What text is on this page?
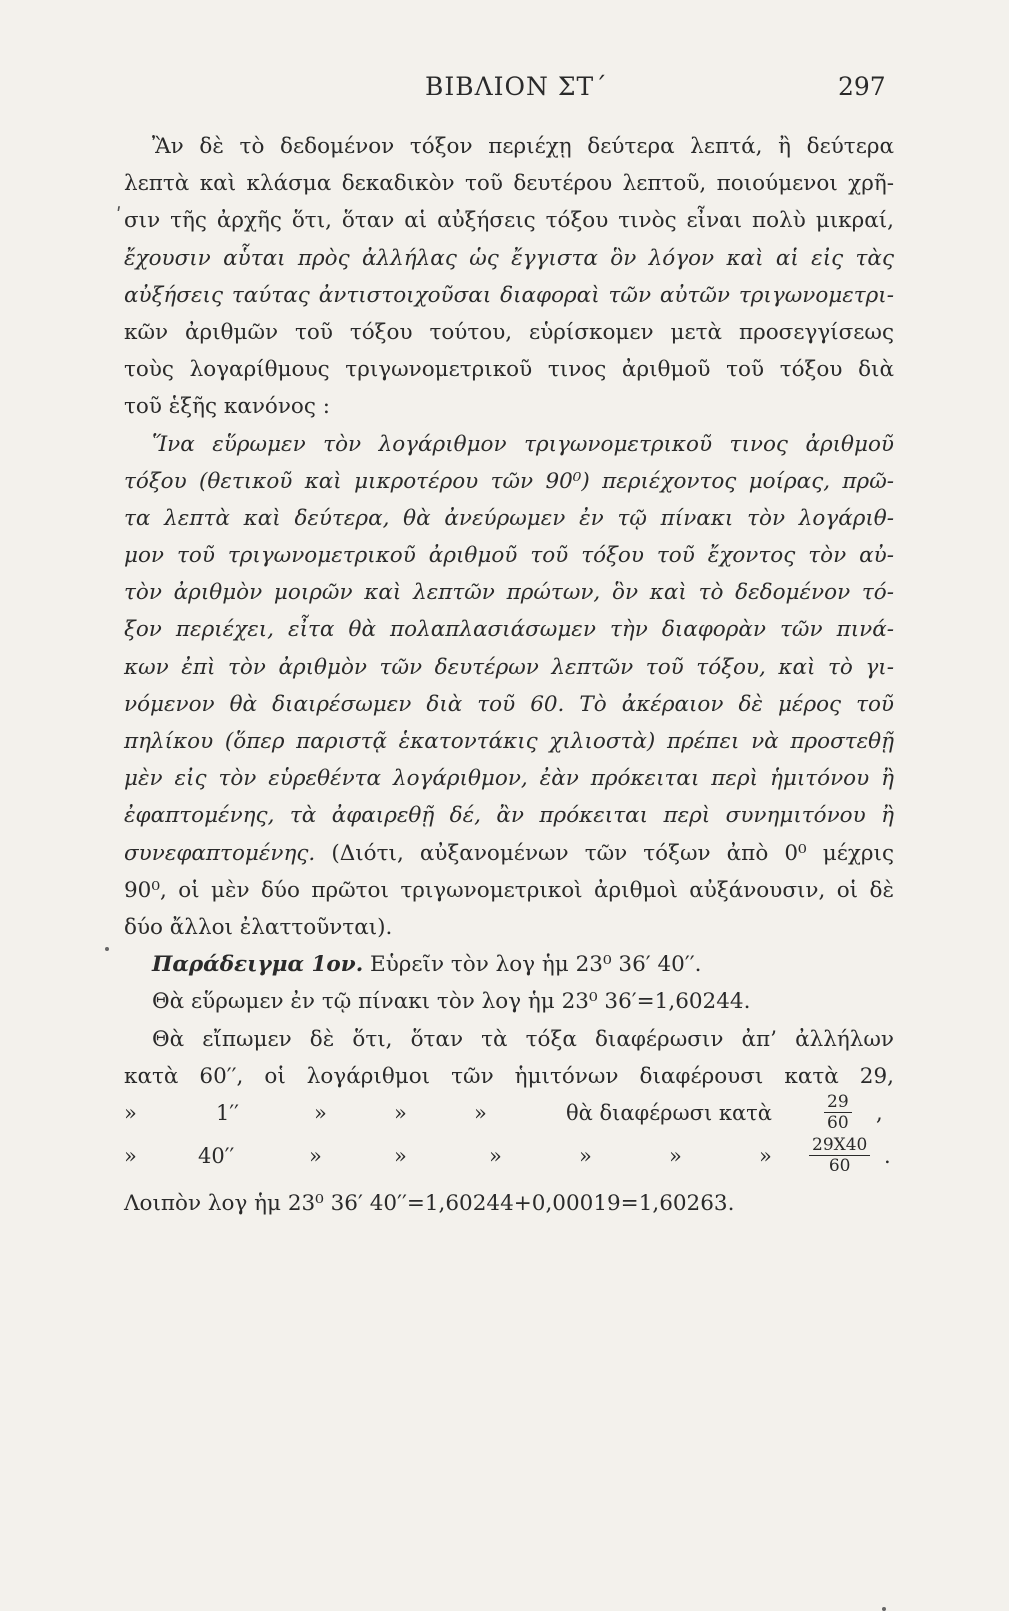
ΒΙΒΛΙΟΝ ΣΤ΄	297
Ἂν δὲ τὸ δεδομένον τόξον περιέχῃ δεύτερα λεπτά, ἢ δεύτερα
λεπτὰ καὶ κλάσμα δεκαδικὸν τοῦ δευτέρου λεπτοῦ, ποιούμενοι χρῆ-
σιν τῆς ἀρχῆς ὅτι, ὅταν αἱ αὐξήσεις τόξου τινὸς εἶναι πολὺ μικραί,
ἔχουσιν αὗται πρὸς ἀλλήλας ὡς ἔγγιστα ὃν λόγον καὶ αἱ εἰς τὰς
αὐξήσεις ταύτας ἀντιστοιχοῦσαι διαφοραὶ τῶν αὐτῶν τριγωνομετρι-
κῶν ἀριθμῶν τοῦ τόξου τούτου, εὑρίσκομεν μετὰ προσεγγίσεως
τοὺς λογαρίθμους τριγωνομετρικοῦ τινος ἀριθμοῦ τοῦ τόξου διὰ
τοῦ ἑξῆς κανόνος :
Ἵνα εὕρωμεν τὸν λογάριθμον τριγωνομετρικοῦ τινος ἀριθμοῦ
τόξου (θετικοῦ καὶ μικροτέρου τῶν 90⁰) περιέχοντος μοίρας, πρῶ-
τα λεπτὰ καὶ δεύτερα, θὰ ἀνεύρωμεν ἐν τῷ πίνακι τὸν λογάριθ-
μον τοῦ τριγωνομετρικοῦ ἀριθμοῦ τοῦ τόξου τοῦ ἔχοντος τὸν αὐ-
τὸν ἀριθμὸν μοιρῶν καὶ λεπτῶν πρώτων, ὃν καὶ τὸ δεδομένον τό-
ξον περιέχει, εἶτα θὰ πολαπλασιάσωμεν τὴν διαφορὰν τῶν πινά-
κων ἐπὶ τὸν ἀριθμὸν τῶν δευτέρων λεπτῶν τοῦ τόξου, καὶ τὸ γι-
νόμενον θὰ διαιρέσωμεν διὰ τοῦ 60. Τὸ ἀκέραιον δὲ μέρος τοῦ
πηλίκου (ὅπερ παριστᾷ ἑκατοντάκις χιλιοστὰ) πρέπει νὰ προστεθῇ
μὲν εἰς τὸν εὑρεθέντα λογάριθμον, ἐὰν πρόκειται περὶ ἡμιτόνου ἢ
ἐφαπτομένης, τὰ ἀφαιρεθῇ δέ, ἂν πρόκειται περὶ συνημιτόνου ἢ
συνεφαπτομένης. (Διότι, αὐξανομένων τῶν τόξων ἀπὸ 0⁰ μέχρις
90⁰, οἱ μὲν δύο πρῶτοι τριγωνομετρικοὶ ἀριθμοὶ αὐξάνουσιν, οἱ δὲ
δύο ἄλλοι ἐλαττοῦνται).
Παράδειγμα 1ον. Εὑρεῖν τὸν λογ ἡμ 23⁰ 36′ 40′′.
Θὰ εὕρωμεν ἐν τῷ πίνακι τὸν λογ ἡμ 23⁰ 36′=1,60244.
Θὰ εἴπωμεν δὲ ὅτι, ὅταν τὰ τόξα διαφέρωσιν ἀπ’ ἀλλήλων
κατὰ 60′′, οἱ λογάριθμοι τῶν ἡμιτόνων διαφέρουσι κατὰ 29,
»	1′′	»	»	»	θὰ διαφέρωσι κατὰ	$\frac{29}{60}$ ,
»	40′′	»	»	»	»	»	» $\frac{29X40}{60}$ .
Λοιπὸν λογ ἡμ 23⁰ 36′ 40′′=1,60244+0,00019=1,60263.
ʹ
